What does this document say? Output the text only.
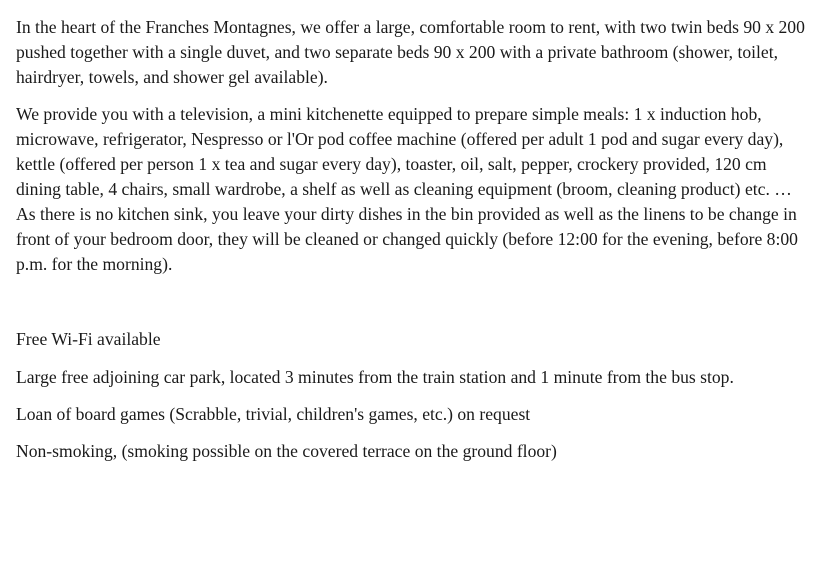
In the heart of the Franches Montagnes, we offer a large, comfortable room to rent, with two twin beds 90 x 200 pushed together with a single duvet, and two separate beds 90 x 200 with a private bathroom (shower, toilet, hairdryer, towels, and shower gel available).

We provide you with a television, a mini kitchenette equipped to prepare simple meals: 1 x induction hob, microwave, refrigerator, Nespresso or l'Or pod coffee machine (offered per adult 1 pod and sugar every day), kettle (offered per person 1 x tea and sugar every day), toaster, oil, salt, pepper, crockery provided, 120 cm dining table, 4 chairs, small wardrobe, a shelf as well as cleaning equipment (broom, cleaning product) etc. … As there is no kitchen sink, you leave your dirty dishes in the bin provided as well as the linens to be change in front of your bedroom door, they will be cleaned or changed quickly (before 12:00 for the evening, before 8:00 p.m. for the morning).

Free Wi-Fi available

Large free adjoining car park, located 3 minutes from the train station and 1 minute from the bus stop.

Loan of board games (Scrabble, trivial, children's games, etc.) on request

Non-smoking, (smoking possible on the covered terrace on the ground floor)
